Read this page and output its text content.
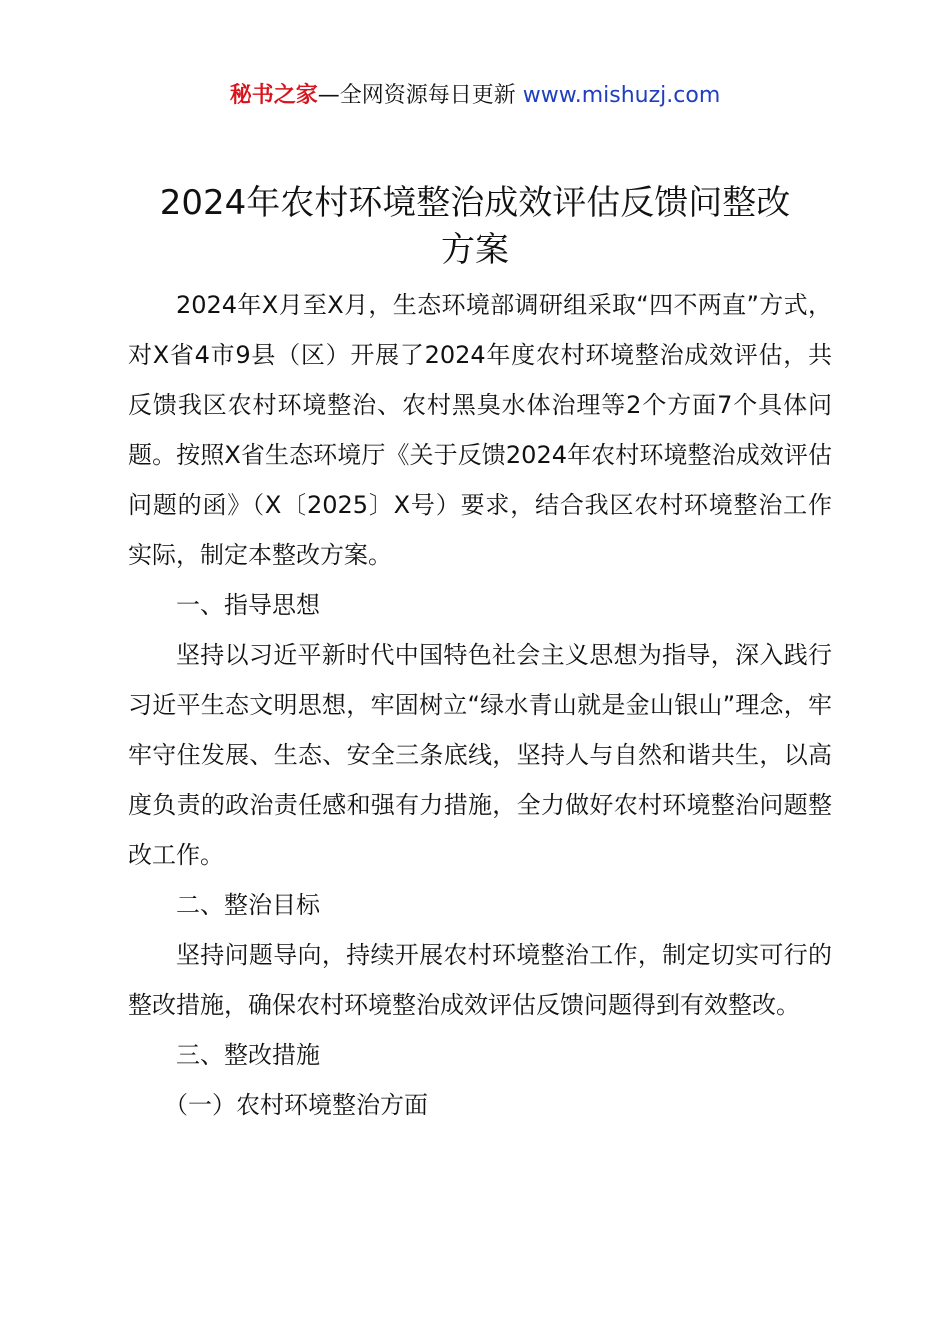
秘书之家—全网资源每日更新 www.mishuzj.com
2024年农村环境整治成效评估反馈问整改
方案

2024年X月至X月，生态环境部调研组采取“四不两直”方式，对X省4市9县（区）开展了2024年度农村环境整治成效评估，共反馈我区农村环境整治、农村黑臭水体治理等2个方面7个具体问题。按照X省生态环境厅《关于反馈2024年农村环境整治成效评估问题的函》（X〔2025〕X号）要求，结合我区农村环境整治工作实际，制定本整改方案。

一、指导思想

坚持以习近平新时代中国特色社会主义思想为指导，深入践行习近平生态文明思想，牢固树立“绿水青山就是金山银山”理念，牢牢守住发展、生态、安全三条底线，坚持人与自然和谐共生，以高度负责的政治责任感和强有力措施，全力做好农村环境整治问题整改工作。

二、整治目标

坚持问题导向，持续开展农村环境整治工作，制定切实可行的整改措施，确保农村环境整治成效评估反馈问题得到有效整改。

三、整改措施

（一）农村环境整治方面
